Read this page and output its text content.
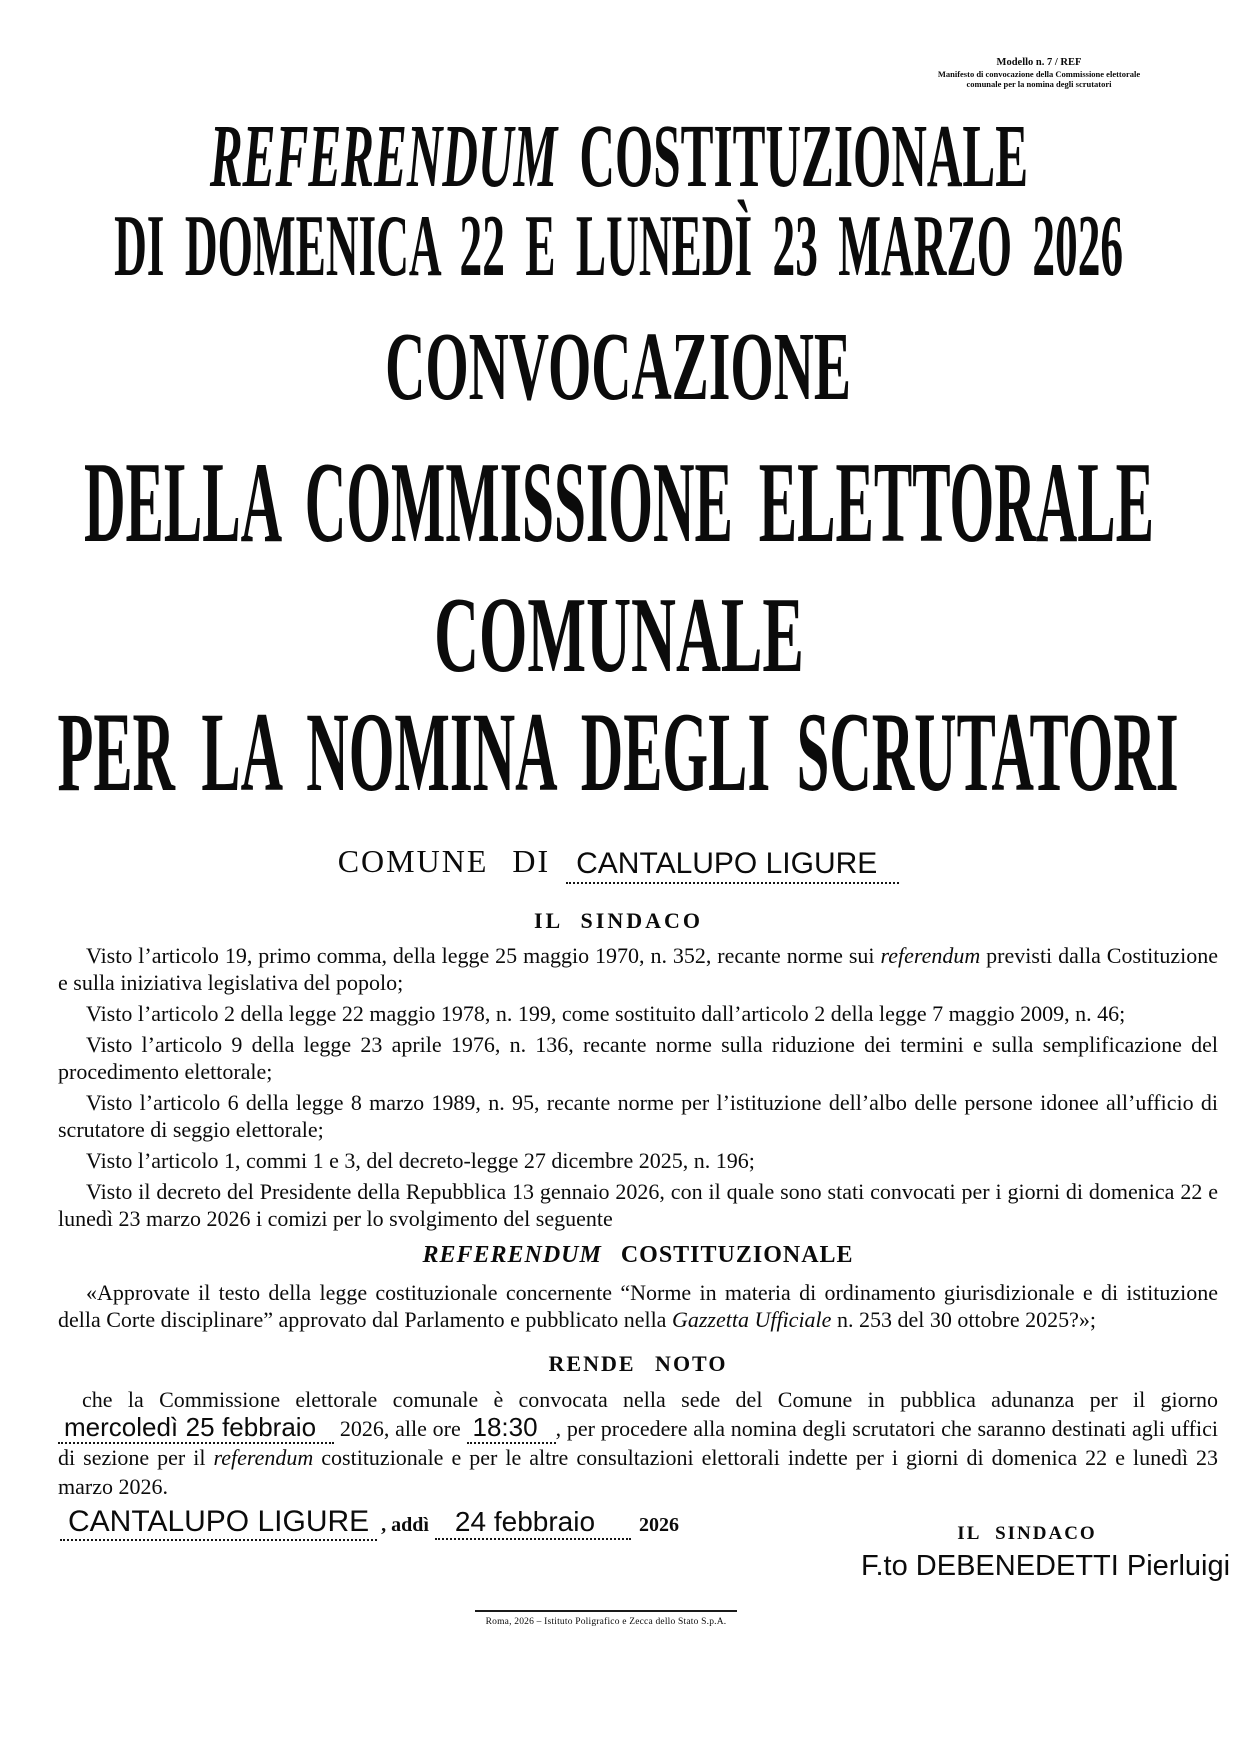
Modello n. 7 / REF
Manifesto di convocazione della Commissione elettorale
comunale per la nomina degli scrutatori
REFERENDUM COSTITUZIONALE
DI DOMENICA 22 E LUNEDÌ 23 MARZO 2026
CONVOCAZIONE
DELLA COMMISSIONE ELETTORALE
COMUNALE
PER LA NOMINA DEGLI SCRUTATORI
COMUNE DI CANTALUPO LIGURE
IL SINDACO

Visto l’articolo 19, primo comma, della legge 25 maggio 1970, n. 352, recante norme sui referendum previsti dalla Costituzione e sulla iniziativa legislativa del popolo;

Visto l’articolo 2 della legge 22 maggio 1978, n. 199, come sostituito dall’articolo 2 della legge 7 maggio 2009, n. 46;

Visto l’articolo 9 della legge 23 aprile 1976, n. 136, recante norme sulla riduzione dei termini e sulla semplificazione del procedimento elettorale;

Visto l’articolo 6 della legge 8 marzo 1989, n. 95, recante norme per l’istituzione dell’albo delle persone idonee all’ufficio di scrutatore di seggio elettorale;

Visto l’articolo 1, commi 1 e 3, del decreto-legge 27 dicembre 2025, n. 196;

Visto il decreto del Presidente della Repubblica 13 gennaio 2026, con il quale sono stati convocati per i giorni di domenica 22 e lunedì 23 marzo 2026 i comizi per lo svolgimento del seguente

REFERENDUM COSTITUZIONALE

«Approvate il testo della legge costituzionale concernente “Norme in materia di ordinamento giurisdizionale e di istituzione della Corte disciplinare” approvato dal Parlamento e pubblicato nella Gazzetta Ufficiale n. 253 del 30 ottobre 2025?»;

RENDE NOTO

che la Commissione elettorale comunale è convocata nella sede del Comune in pubblica adunanza per il giorno mercoledì 25 febbraio 2026, alle ore 18:30 , per procedere alla nomina degli scrutatori che saranno destinati agli uffici di sezione per il referendum costituzionale e per le altre consultazioni elettorali indette per i giorni di domenica 22 e lunedì 23 marzo 2026.

CANTALUPO LIGURE , addì 24 febbraio	2026	IL SINDACO
F.to DEBENEDETTI Pierluigi
Roma, 2026 – Istituto Poligrafico e Zecca dello Stato S.p.A.
